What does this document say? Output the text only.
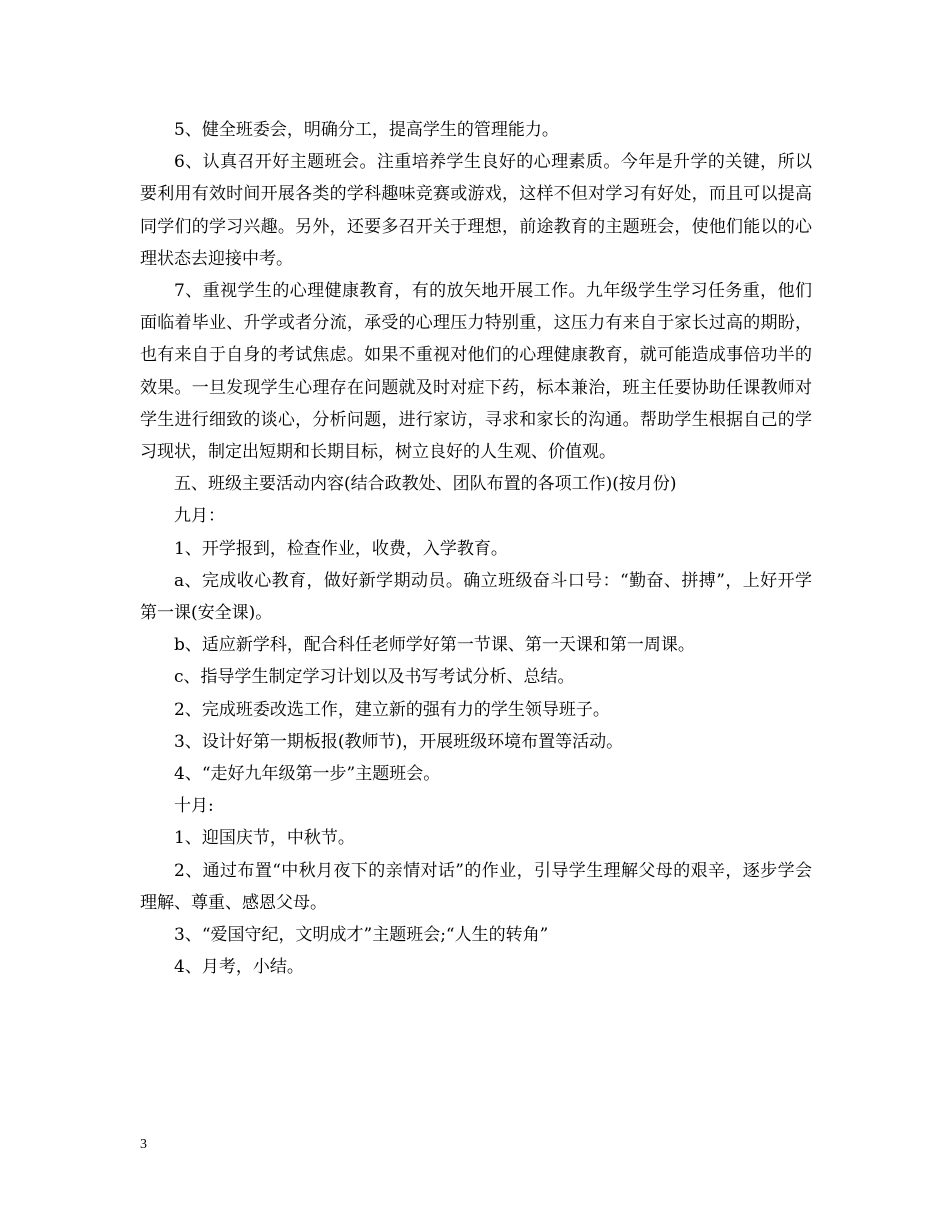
5、健全班委会，明确分工，提高学生的管理能力。

6、认真召开好主题班会。注重培养学生良好的心理素质。今年是升学的关键，所以要利用有效时间开展各类的学科趣味竞赛或游戏，这样不但对学习有好处，而且可以提高同学们的学习兴趣。另外，还要多召开关于理想，前途教育的主题班会，使他们能以的心理状态去迎接中考。

7、重视学生的心理健康教育，有的放矢地开展工作。九年级学生学习任务重，他们面临着毕业、升学或者分流，承受的心理压力特别重，这压力有来自于家长过高的期盼，也有来自于自身的考试焦虑。如果不重视对他们的心理健康教育，就可能造成事倍功半的效果。一旦发现学生心理存在问题就及时对症下药，标本兼治，班主任要协助任课教师对学生进行细致的谈心，分析问题，进行家访，寻求和家长的沟通。帮助学生根据自己的学习现状，制定出短期和长期目标，树立良好的人生观、价值观。

五、班级主要活动内容(结合政教处、团队布置的各项工作)(按月份)

九月：

1、开学报到，检查作业，收费，入学教育。

a、完成收心教育，做好新学期动员。确立班级奋斗口号：“勤奋、拼搏”，上好开学第一课(安全课)。

b、适应新学科，配合科任老师学好第一节课、第一天课和第一周课。

c、指导学生制定学习计划以及书写考试分析、总结。

2、完成班委改选工作，建立新的强有力的学生领导班子。

3、设计好第一期板报(教师节)，开展班级环境布置等活动。

4、“走好九年级第一步”主题班会。

十月:

1、迎国庆节，中秋节。

2、通过布置“中秋月夜下的亲情对话”的作业，引导学生理解父母的艰辛，逐步学会理解、尊重、感恩父母。

3、“爱国守纪，文明成才”主题班会;“人生的转角”

4、月考，小结。

3
